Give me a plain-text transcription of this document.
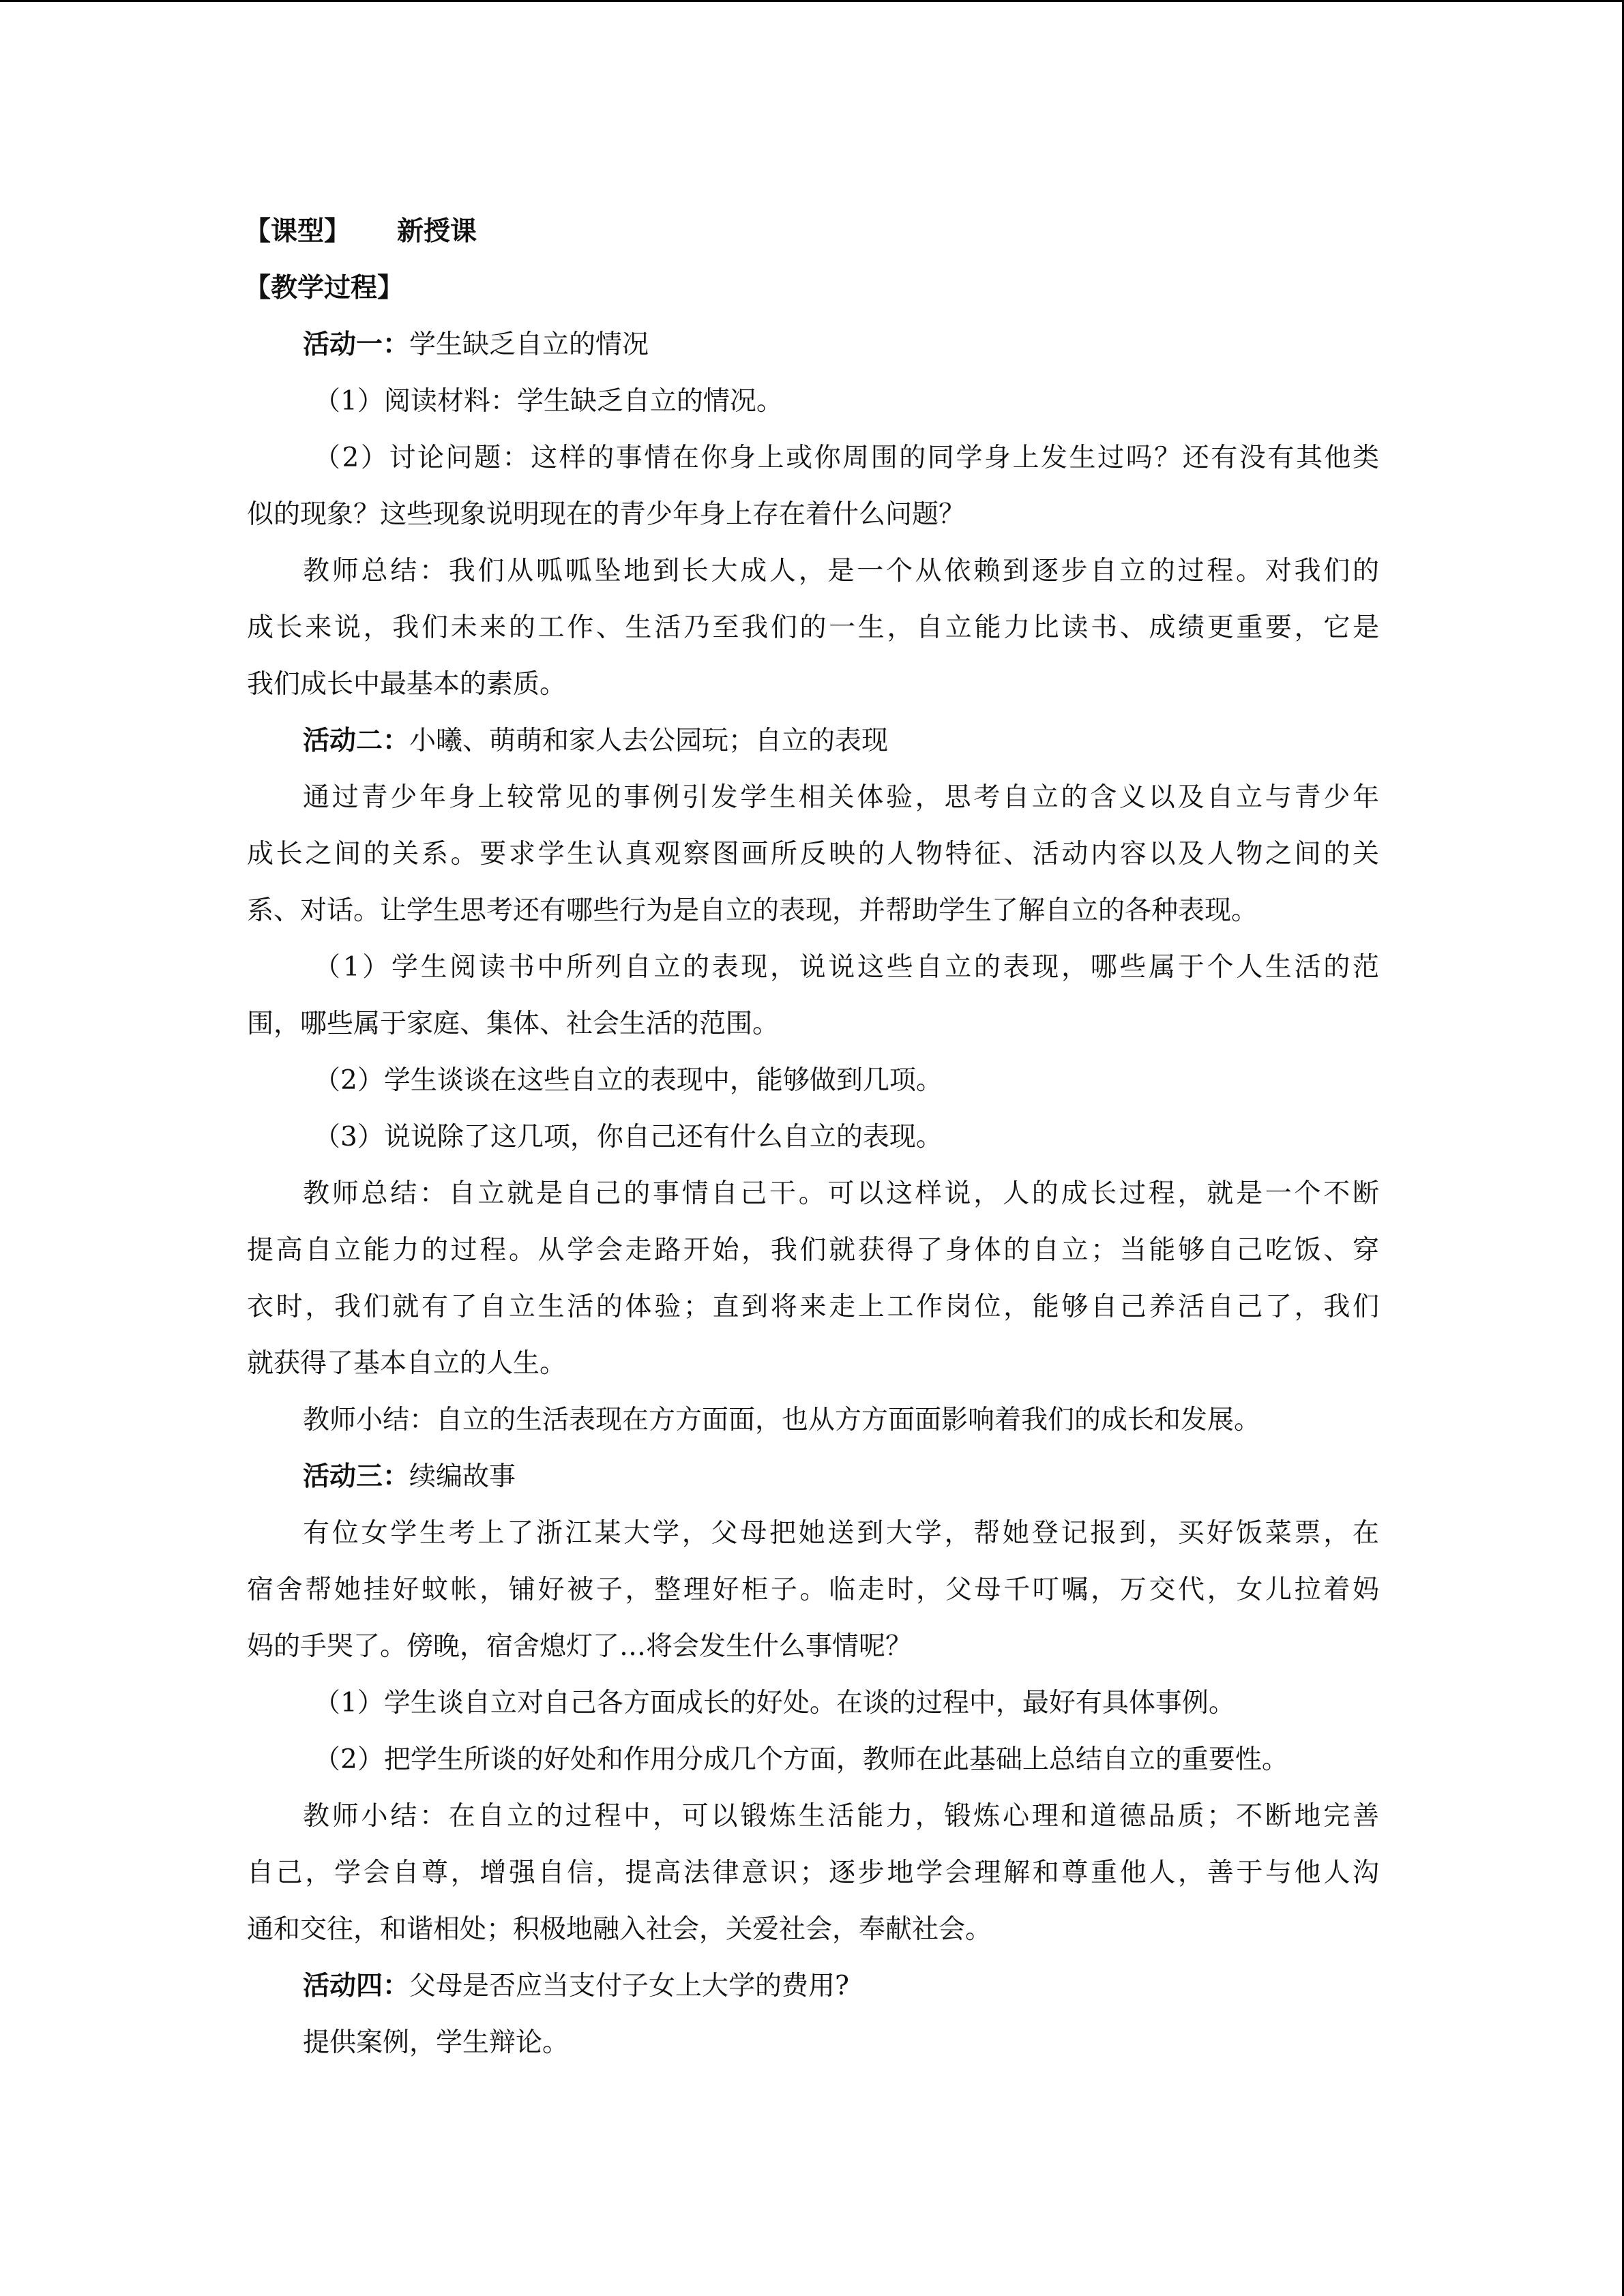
【课型】 新授课
【教学过程】
活动一：学生缺乏自立的情况
（1）阅读材料：学生缺乏自立的情况。
（2）讨论问题：这样的事情在你身上或你周围的同学身上发生过吗？还有没有其他类
似的现象？这些现象说明现在的青少年身上存在着什么问题？
教师总结：我们从呱呱坠地到长大成人，是一个从依赖到逐步自立的过程。对我们的
成长来说，我们未来的工作、生活乃至我们的一生，自立能力比读书、成绩更重要，它是
我们成长中最基本的素质。
活动二：小曦、萌萌和家人去公园玩；自立的表现
通过青少年身上较常见的事例引发学生相关体验，思考自立的含义以及自立与青少年
成长之间的关系。要求学生认真观察图画所反映的人物特征、活动内容以及人物之间的关
系、对话。让学生思考还有哪些行为是自立的表现，并帮助学生了解自立的各种表现。
（1）学生阅读书中所列自立的表现，说说这些自立的表现，哪些属于个人生活的范
围，哪些属于家庭、集体、社会生活的范围。
（2）学生谈谈在这些自立的表现中，能够做到几项。
（3）说说除了这几项，你自己还有什么自立的表现。
教师总结：自立就是自己的事情自己干。可以这样说，人的成长过程，就是一个不断
提高自立能力的过程。从学会走路开始，我们就获得了身体的自立；当能够自己吃饭、穿
衣时，我们就有了自立生活的体验；直到将来走上工作岗位，能够自己养活自己了，我们
就获得了基本自立的人生。
教师小结：自立的生活表现在方方面面，也从方方面面影响着我们的成长和发展。
活动三：续编故事
有位女学生考上了浙江某大学，父母把她送到大学，帮她登记报到，买好饭菜票，在
宿舍帮她挂好蚊帐，铺好被子，整理好柜子。临走时，父母千叮嘱，万交代，女儿拉着妈
妈的手哭了。傍晚，宿舍熄灯了…将会发生什么事情呢？
（1）学生谈自立对自己各方面成长的好处。在谈的过程中，最好有具体事例。
（2）把学生所谈的好处和作用分成几个方面，教师在此基础上总结自立的重要性。
教师小结：在自立的过程中，可以锻炼生活能力，锻炼心理和道德品质；不断地完善
自己，学会自尊，增强自信，提高法律意识；逐步地学会理解和尊重他人，善于与他人沟
通和交往，和谐相处；积极地融入社会，关爱社会，奉献社会。
活动四：父母是否应当支付子女上大学的费用?
提供案例，学生辩论。
